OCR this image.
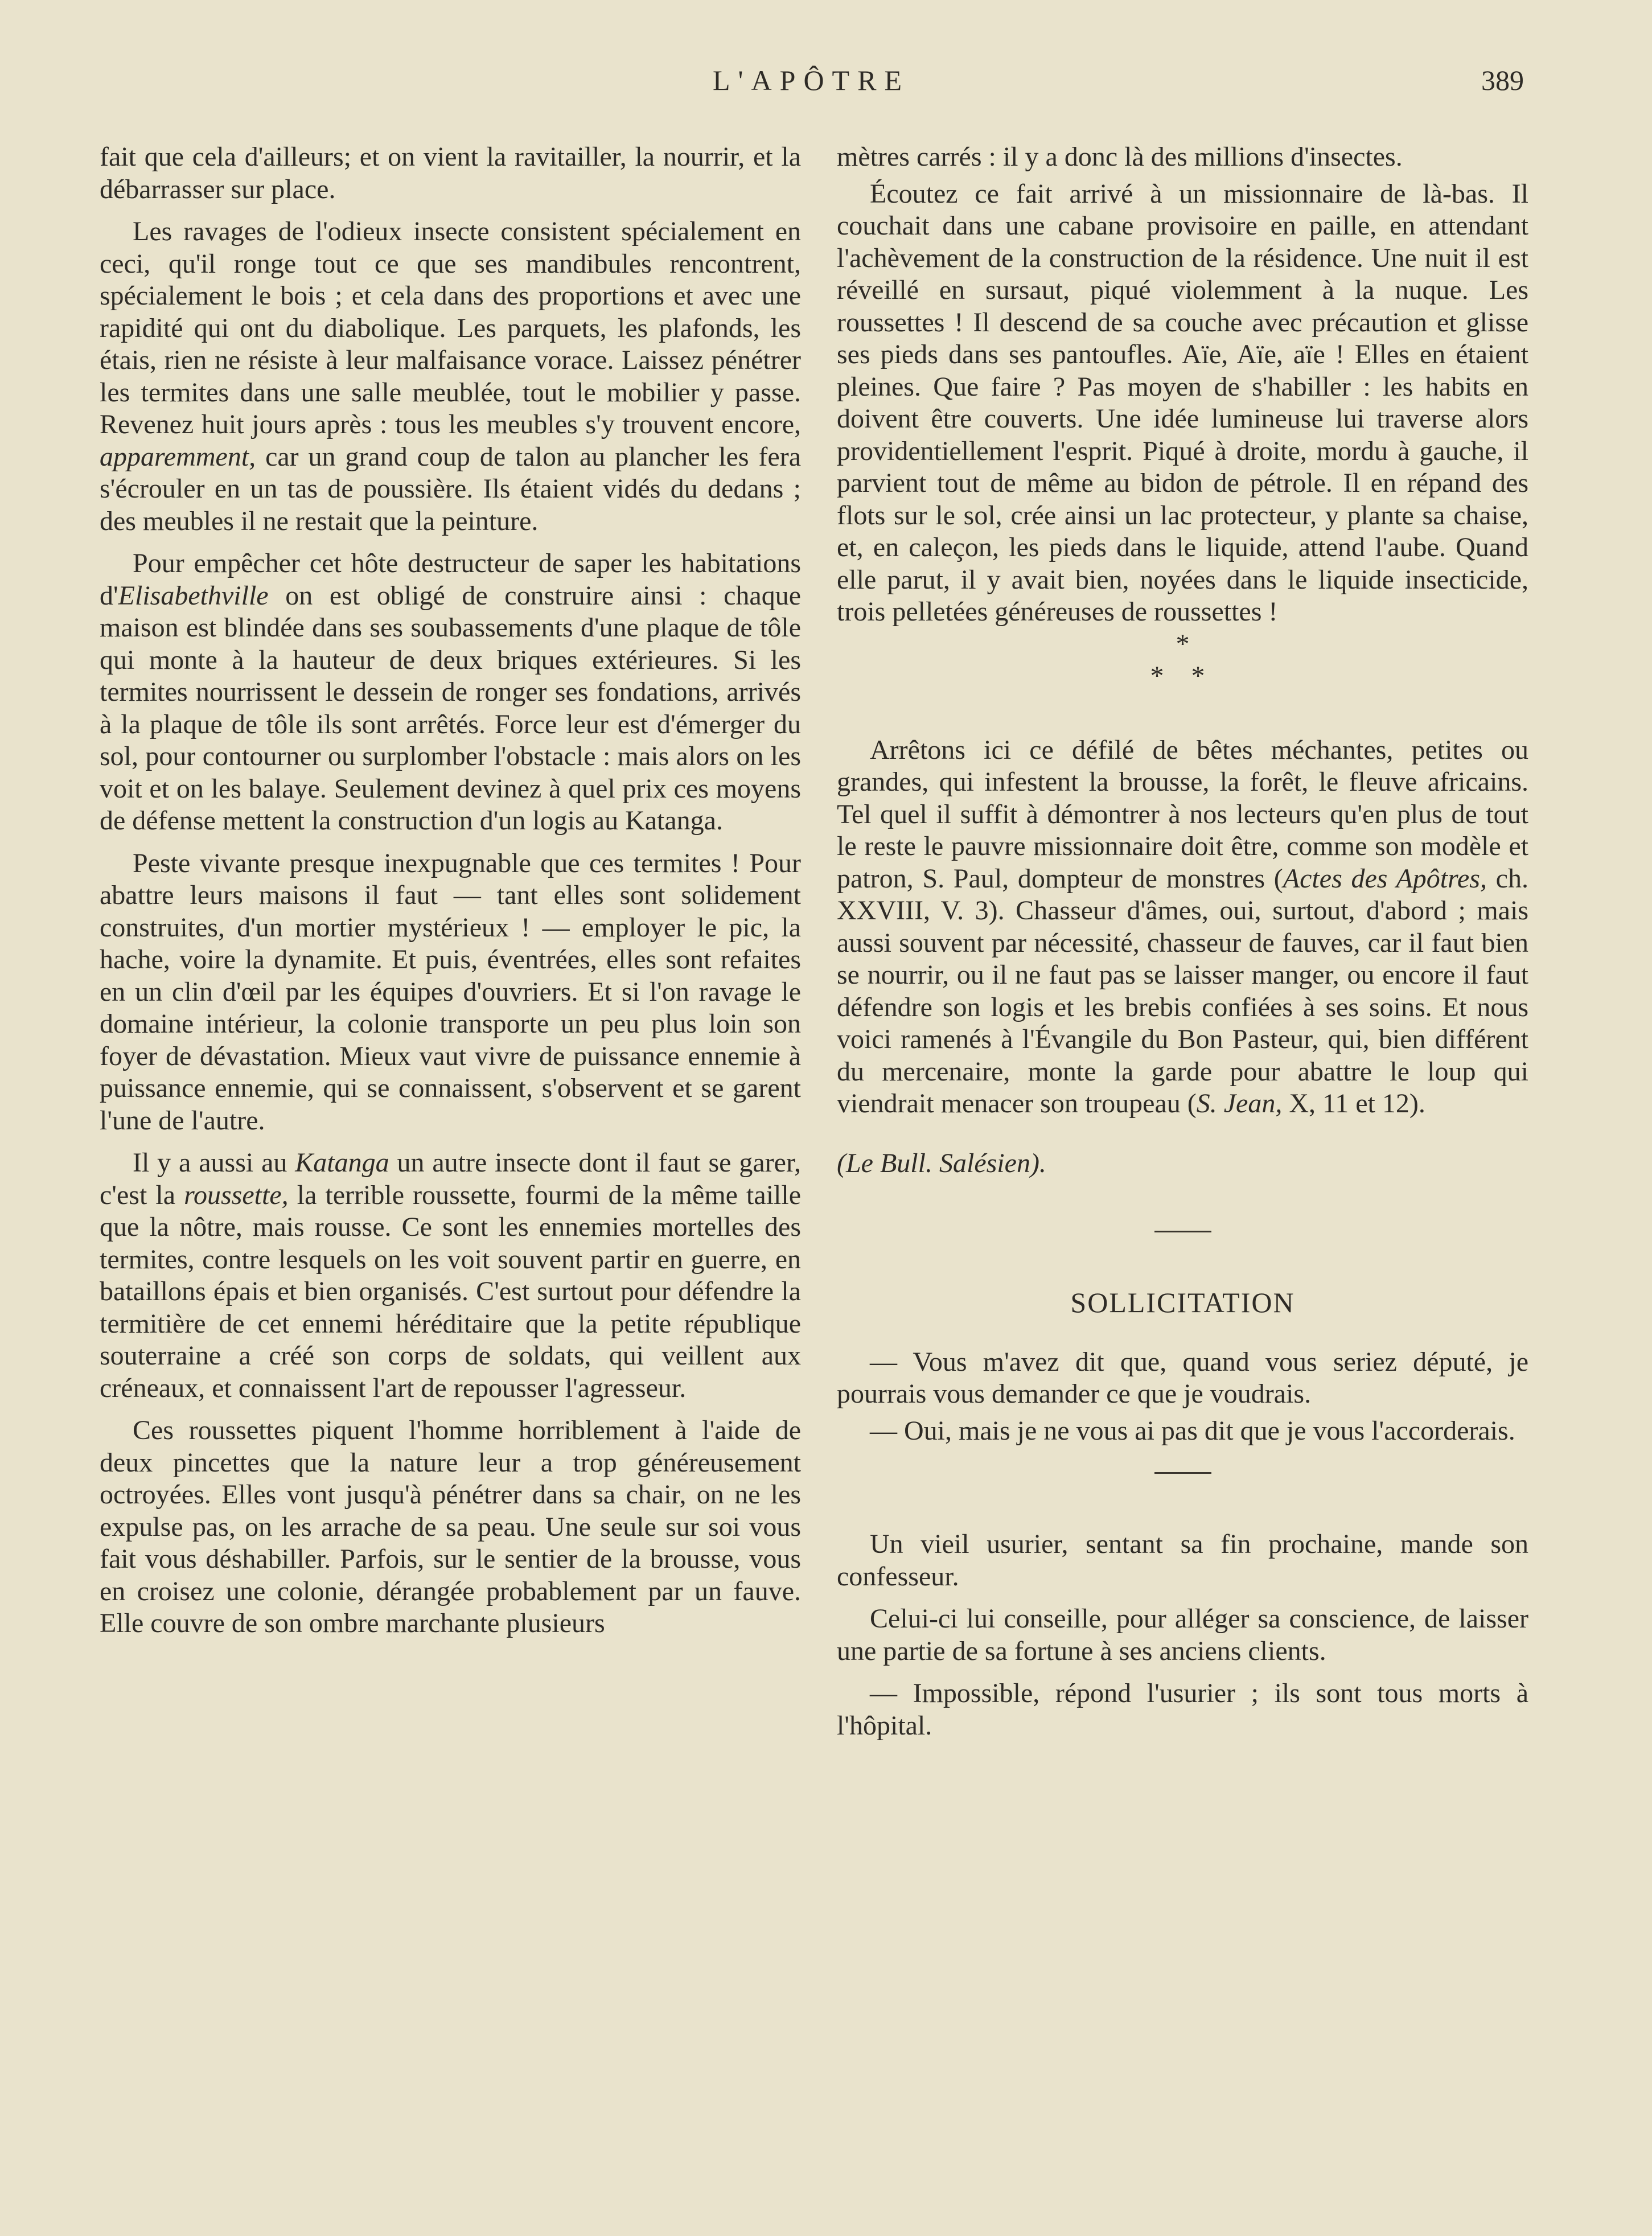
L'APÔTRE	389

fait que cela d'ailleurs; et on vient la ravitailler, la nourrir, et la débarrasser sur place.

Les ravages de l'odieux insecte consistent spécialement en ceci, qu'il ronge tout ce que ses mandibules rencontrent, spécialement le bois ; et cela dans des proportions et avec une rapidité qui ont du diabolique. Les parquets, les plafonds, les étais, rien ne résiste à leur malfaisance vorace. Laissez pénétrer les termites dans une salle meublée, tout le mobilier y passe. Revenez huit jours après : tous les meubles s'y trouvent encore, apparemment, car un grand coup de talon au plancher les fera s'écrouler en un tas de poussière. Ils étaient vidés du dedans ; des meubles il ne restait que la peinture.

Pour empêcher cet hôte destructeur de saper les habitations d'Elisabethville on est obligé de construire ainsi : chaque maison est blindée dans ses soubassements d'une plaque de tôle qui monte à la hauteur de deux briques extérieures. Si les termites nourrissent le dessein de ronger ses fondations, arrivés à la plaque de tôle ils sont arrêtés. Force leur est d'émerger du sol, pour contourner ou surplomber l'obstacle : mais alors on les voit et on les balaye. Seulement devinez à quel prix ces moyens de défense mettent la construction d'un logis au Katanga.

Peste vivante presque inexpugnable que ces termites ! Pour abattre leurs maisons il faut — tant elles sont solidement construites, d'un mortier mystérieux ! — employer le pic, la hache, voire la dynamite. Et puis, éventrées, elles sont refaites en un clin d'œil par les équipes d'ouvriers. Et si l'on ravage le domaine intérieur, la colonie transporte un peu plus loin son foyer de dévastation. Mieux vaut vivre de puissance ennemie à puissance ennemie, qui se connaissent, s'observent et se garent l'une de l'autre.

Il y a aussi au Katanga un autre insecte dont il faut se garer, c'est la roussette, la terrible roussette, fourmi de la même taille que la nôtre, mais rousse. Ce sont les ennemies mortelles des termites, contre lesquels on les voit souvent partir en guerre, en bataillons épais et bien organisés. C'est surtout pour défendre la termitière de cet ennemi héréditaire que la petite république souterraine a créé son corps de soldats, qui veillent aux créneaux, et connaissent l'art de repousser l'agresseur.

Ces roussettes piquent l'homme horriblement à l'aide de deux pincettes que la nature leur a trop généreusement octroyées. Elles vont jusqu'à pénétrer dans sa chair, on ne les expulse pas, on les arrache de sa peau. Une seule sur soi vous fait vous déshabiller. Parfois, sur le sentier de la brousse, vous en croisez une colonie, dérangée probablement par un fauve. Elle couvre de son ombre marchante plusieurs

mètres carrés : il y a donc là des millions d'insectes.

Écoutez ce fait arrivé à un missionnaire de là-bas. Il couchait dans une cabane provisoire en paille, en attendant l'achèvement de la construction de la résidence. Une nuit il est réveillé en sursaut, piqué violemment à la nuque. Les roussettes ! Il descend de sa couche avec précaution et glisse ses pieds dans ses pantoufles. Aïe, Aïe, aïe ! Elles en étaient pleines. Que faire ? Pas moyen de s'habiller : les habits en doivent être couverts. Une idée lumineuse lui traverse alors providentiellement l'esprit. Piqué à droite, mordu à gauche, il parvient tout de même au bidon de pétrole. Il en répand des flots sur le sol, crée ainsi un lac protecteur, y plante sa chaise, et, en caleçon, les pieds dans le liquide, attend l'aube. Quand elle parut, il y avait bien, noyées dans le liquide insecticide, trois pelletées généreuses de roussettes !

*

* *

Arrêtons ici ce défilé de bêtes méchantes, petites ou grandes, qui infestent la brousse, la forêt, le fleuve africains. Tel quel il suffit à démontrer à nos lecteurs qu'en plus de tout le reste le pauvre missionnaire doit être, comme son modèle et patron, S. Paul, dompteur de monstres (Actes des Apôtres, ch. XXVIII, V. 3). Chasseur d'âmes, oui, surtout, d'abord ; mais aussi souvent par nécessité, chasseur de fauves, car il faut bien se nourrir, ou il ne faut pas se laisser manger, ou encore il faut défendre son logis et les brebis confiées à ses soins. Et nous voici ramenés à l'Évangile du Bon Pasteur, qui, bien différent du mercenaire, monte la garde pour abattre le loup qui viendrait menacer son troupeau (S. Jean, X, 11 et 12).

(Le Bull. Salésien).

SOLLICITATION

— Vous m'avez dit que, quand vous seriez député, je pourrais vous demander ce que je voudrais.

— Oui, mais je ne vous ai pas dit que je vous l'accorderais.

Un vieil usurier, sentant sa fin prochaine, mande son confesseur.

Celui-ci lui conseille, pour alléger sa conscience, de laisser une partie de sa fortune à ses anciens clients.

— Impossible, répond l'usurier ; ils sont tous morts à l'hôpital.
